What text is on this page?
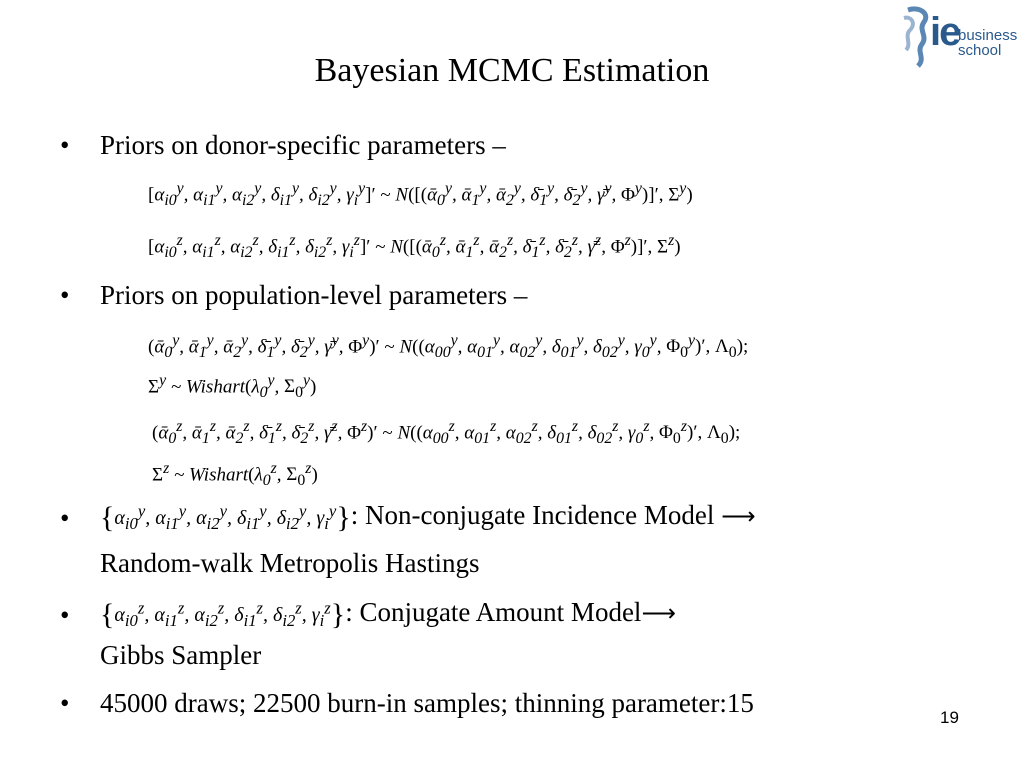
Bayesian MCMC Estimation
ie
business
school
• Priors on donor-specific parameters –
[$\alpha_{i0}^y$, $\alpha_{i1}^y$, $\alpha_{i2}^y$, $\delta_{i1}^y$, $\delta_{i2}^y$, $\gamma_i^y]'$ ~ N([(ᾱ$_0^y$, ᾱ$_1^y$, ᾱ$_2^y$, $\deltā_1^y$, $\deltā_2^y$, γ̄$^y$, $\Phi^y)]'$, $\Sigma^y$)
[$\alpha_{i0}^z$, $\alpha_{i1}^z$, $\alpha_{i2}^z$, $\delta_{i1}^z$, $\delta_{i2}^z$, $\gamma_i^z]'$ ~ N([(ᾱ$_0^z$, ᾱ$_1^z$, ᾱ$_2^z$, $\deltā_1^z$, $\deltā_2^z$, γ̄$^z$, $\Phi^z)]'$, $\Sigma^z$)
• Priors on population-level parameters –
(ᾱ$_0^y$, ᾱ$_1^y$, ᾱ$_2^y$, $\deltā_1^y$, $\deltā_2^y$, γ̄$^y$, $\Phi^y)'$ ~ $N((\alpha_{00}^y$, $\alpha_{01}^y$, $\alpha_{02}^y$, $\delta_{01}^y$, $\delta_{02}^y$, $\gamma_0^y$, $\Phi_0^y)'$, $\Lambda_0$);
$\Sigma^y$ ~ $Wishart(\lambda_0^y$, $\Sigma_0^y$)
(ᾱ$_0^z$, ᾱ$_1^z$, ᾱ$_2^z$, $\deltā_1^z$, $\deltā_2^z$, γ̄$^z$, $\Phi^z)'$ ~ $N((\alpha_{00}^z$, $\alpha_{01}^z$, $\alpha_{02}^z$, $\delta_{01}^z$, $\delta_{02}^z$, $\gamma_0^z$, $\Phi_0^z)'$, $\Lambda_0$);
$\Sigma^z$ ~ $Wishart(\lambda_0^z$, $\Sigma_0^z$)
• {$\alpha_{i0}^y$, $\alpha_{i1}^y$, $\alpha_{i2}^y$, $\delta_{i1}^y$, $\delta_{i2}^y$, $\gamma_i^y$}: Non-conjugate Incidence Model ⟶
Random-walk Metropolis Hastings
• {$\alpha_{i0}^z$, $\alpha_{i1}^z$, $\alpha_{i2}^z$, $\delta_{i1}^z$, $\delta_{i2}^z$, $\gamma_i^z$}: Conjugate Amount Model⟶
Gibbs Sampler
• 45000 draws; 22500 burn-in samples; thinning parameter:15	19
